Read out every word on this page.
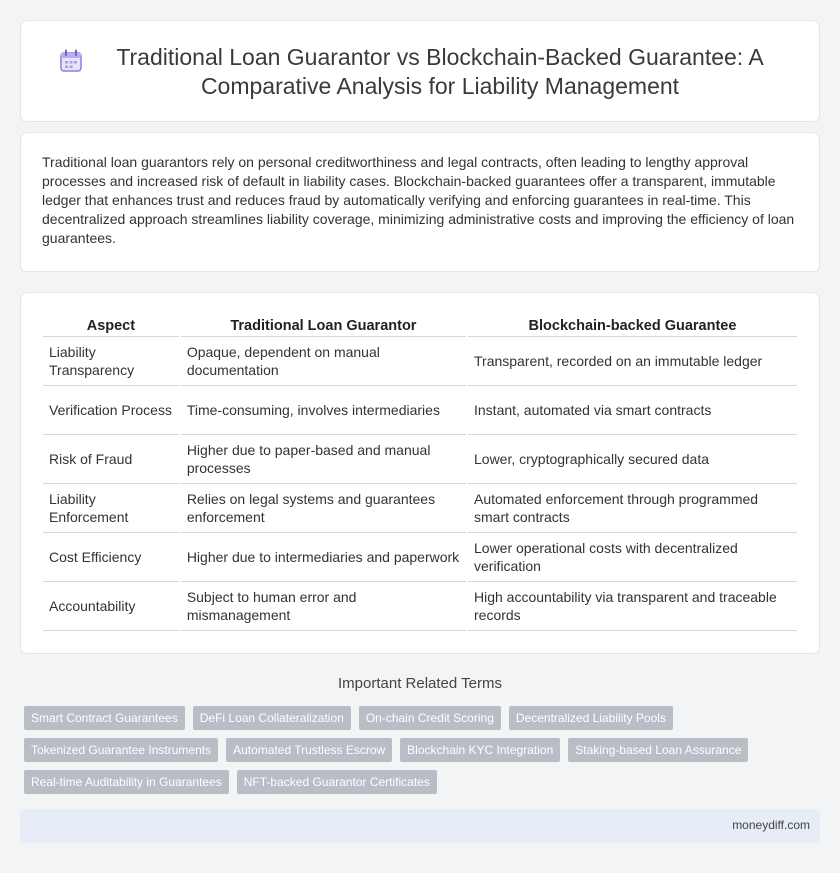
Traditional Loan Guarantor vs Blockchain-Backed Guarantee: A Comparative Analysis for Liability Management

Traditional loan guarantors rely on personal creditworthiness and legal contracts, often leading to lengthy approval processes and increased risk of default in liability cases. Blockchain-backed guarantees offer a transparent, immutable ledger that enhances trust and reduces fraud by automatically verifying and enforcing guarantees in real-time. This decentralized approach streamlines liability coverage, minimizing administrative costs and improving the efficiency of loan guarantees.

Aspect	Traditional Loan Guarantor	Blockchain-backed Guarantee
Liability Transparency	Opaque, dependent on manual documentation	Transparent, recorded on an immutable ledger
Verification Process	Time-consuming, involves intermediaries	Instant, automated via smart contracts
Risk of Fraud	Higher due to paper-based and manual processes	Lower, cryptographically secured data
Liability Enforcement	Relies on legal systems and guarantees enforcement	Automated enforcement through programmed smart contracts
Cost Efficiency	Higher due to intermediaries and paperwork	Lower operational costs with decentralized verification
Accountability	Subject to human error and mismanagement	High accountability via transparent and traceable records
Important Related Terms
Smart Contract Guarantees	DeFi Loan Collateralization	On-chain Credit Scoring	Decentralized Liability Pools
Tokenized Guarantee Instruments	Automated Trustless Escrow	Blockchain KYC Integration	Staking-based Loan Assurance
Real-time Auditability in Guarantees	NFT-backed Guarantor Certificates
moneydiff.com
